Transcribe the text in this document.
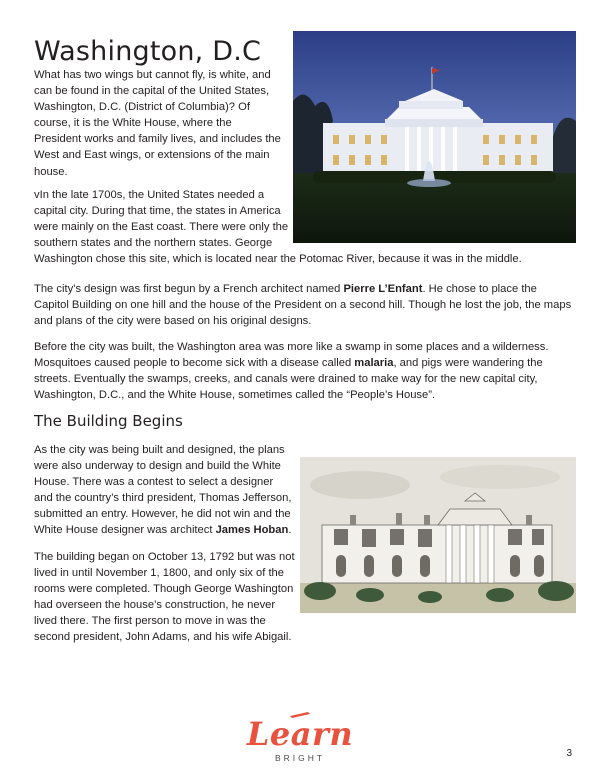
Washington, D.C
What has two wings but cannot fly, is white, and can be found in the capital of the United States, Washington, D.C. (District of Columbia)? Of course, it is the White House, where the President works and family lives, and includes the West and East wings, or extensions of the main house.
vIn the late 1700s, the United States needed a
capital city. During that time, the states in America
were mainly on the East coast. There were only the
southern states and the northern states. George
Washington chose this site, which is located near the Potomac River, because it was in the middle.
The city’s design was first begun by a French architect named Pierre L’Enfant. He chose to place the Capitol Building on one hill and the house of the President on a second hill. Though he lost the job, the maps and plans of the city were based on his original designs.
Before the city was built, the Washington area was more like a swamp in some places and a wilderness. Mosquitoes caused people to become sick with a disease called malaria, and pigs were wandering the streets. Eventually the swamps, creeks, and canals were drained to make way for the new capital city, Washington, D.C., and the White House, sometimes called the “People’s House”.
The Building Begins
As the city was being built and designed, the plans were also underway to design and build the White House. There was a contest to select a designer and the country’s third president, Thomas Jefferson, submitted an entry. However, he did not win and the White House designer was architect James Hoban.
The building began on October 13, 1792 but was not lived in until November 1, 1800, and only six of the rooms were completed. Though George Washington had overseen the house’s construction, he never lived there. The first person to move in was the second president, John Adams, and his wife Abigail.
Learn
BRIGHT	3
